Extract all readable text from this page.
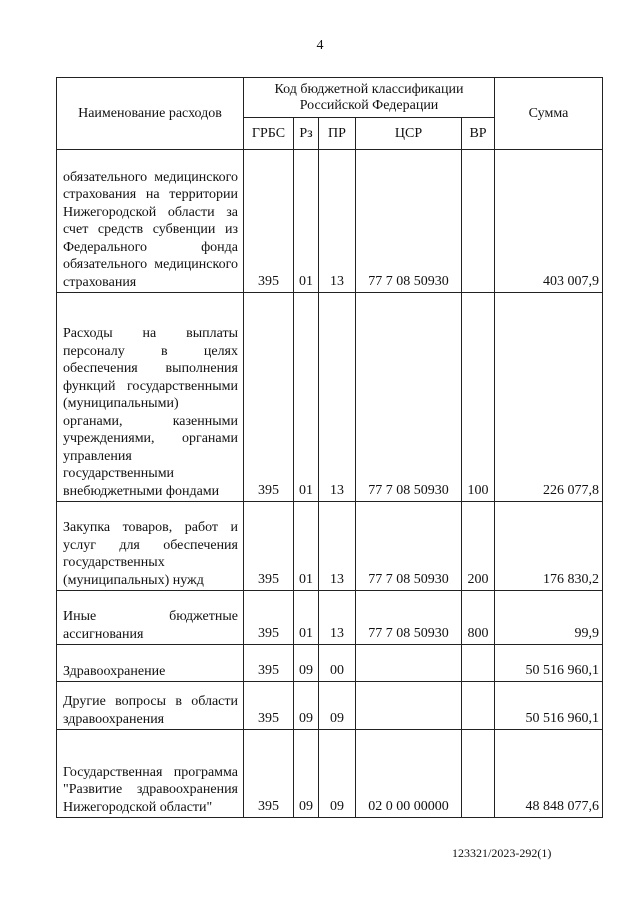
4
Наименование расходов	Код бюджетной классификации Российской Федерации					Сумма
	ГРБС	Рз	ПР	ЦСР	ВР	
обязательного медицинского страхования на территории Нижегородской области за счет средств субвенции из Федерального фонда обязательного медицинского страхования	395	01	13	77 7 08 50930		403 007,9
Расходы на выплаты персоналу в целях обеспечения выполнения функций государственными (муниципальными) органами, казенными учреждениями, органами управления государственными внебюджетными фондами	395	01	13	77 7 08 50930	100	226 077,8
Закупка товаров, работ и услуг для обеспечения государственных (муниципальных) нужд	395	01	13	77 7 08 50930	200	176 830,2
Иные бюджетные ассигнования	395	01	13	77 7 08 50930	800	99,9
Здравоохранение	395	09	00			50 516 960,1
Другие вопросы в области здравоохранения	395	09	09			50 516 960,1
Государственная программа "Развитие здравоохранения Нижегородской области"	395	09	09	02 0 00 00000		48 848 077,6
123321/2023-292(1)
